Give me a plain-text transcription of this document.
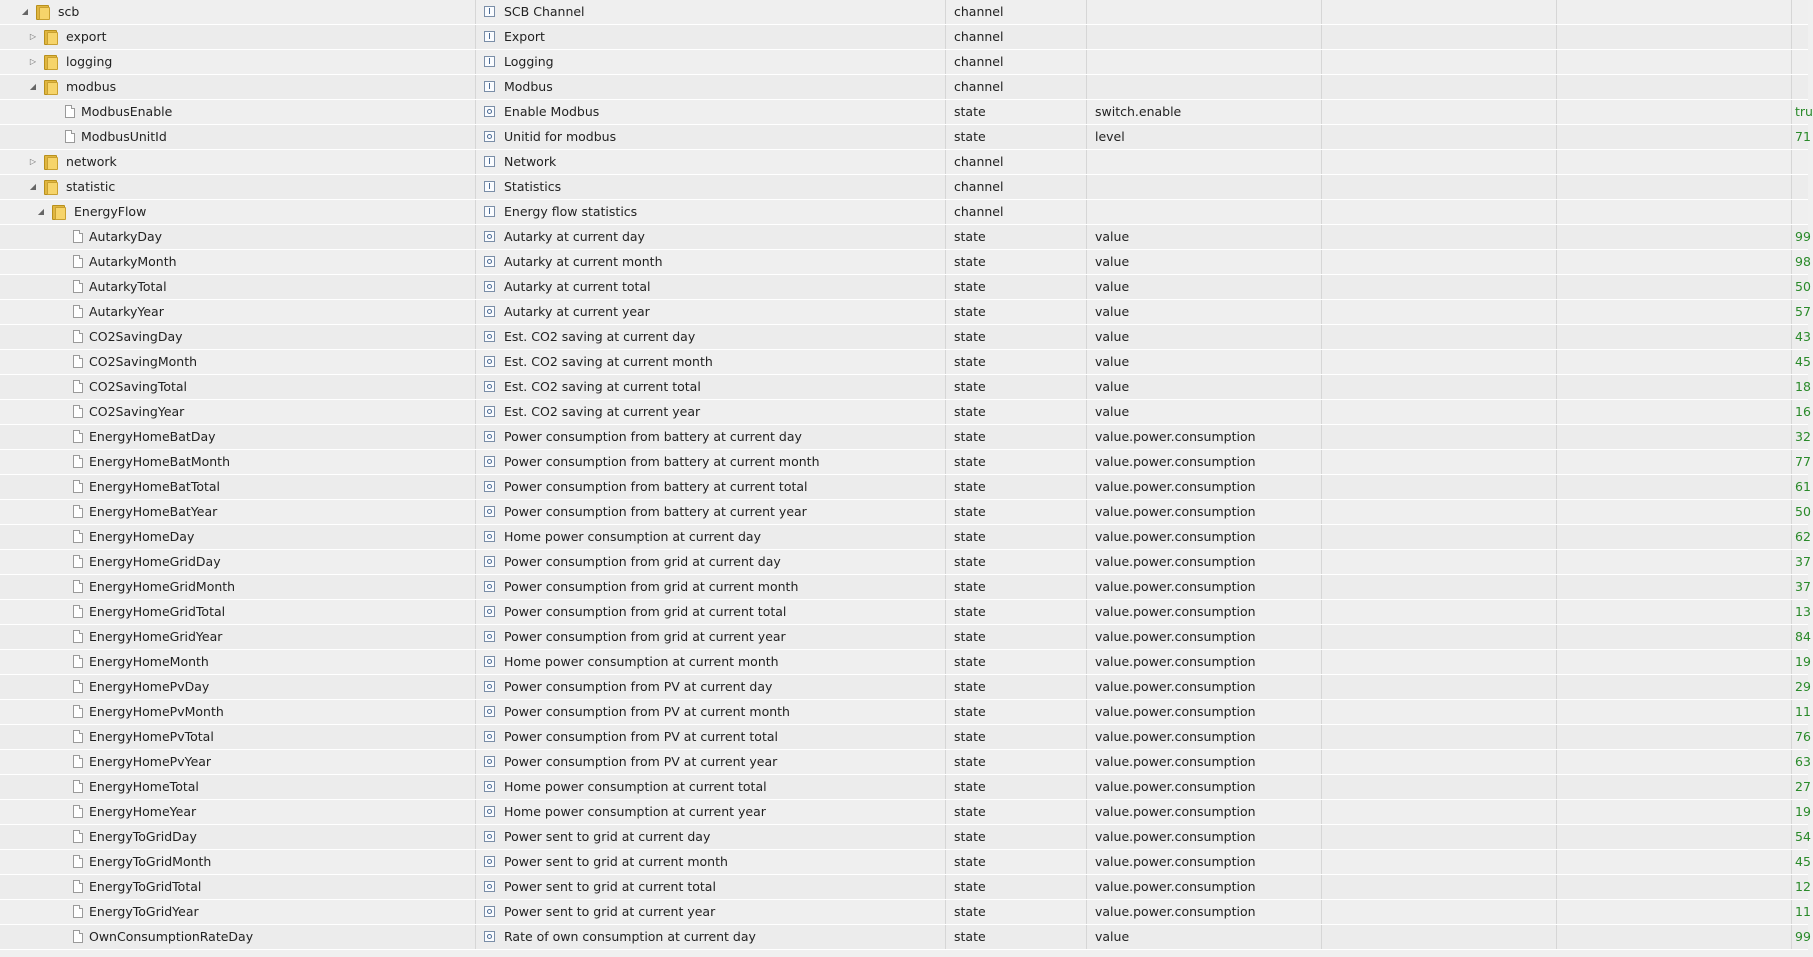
◢ scb	SCB Channel	channel
▷ export	Export	channel
▷ logging	Logging	channel
◢ modbus	Modbus	channel
ModbusEnable	Enable Modbus	state	switch.enable	tru
ModbusUnitId	Unitid for modbus	state	level	71
▷ network	Network	channel
◢ statistic	Statistics	channel
◢ EnergyFlow	Energy flow statistics	channel
AutarkyDay	Autarky at current day	state	value	99
AutarkyMonth	Autarky at current month	state	value	98
AutarkyTotal	Autarky at current total	state	value	50
AutarkyYear	Autarky at current year	state	value	57
CO2SavingDay	Est. CO2 saving at current day	state	value	43
CO2SavingMonth	Est. CO2 saving at current month	state	value	45
CO2SavingTotal	Est. CO2 saving at current total	state	value	18
CO2SavingYear	Est. CO2 saving at current year	state	value	16
EnergyHomeBatDay	Power consumption from battery at current day	state	value.power.consumption	32
EnergyHomeBatMonth	Power consumption from battery at current month	state	value.power.consumption	77
EnergyHomeBatTotal	Power consumption from battery at current total	state	value.power.consumption	61
EnergyHomeBatYear	Power consumption from battery at current year	state	value.power.consumption	50
EnergyHomeDay	Home power consumption at current day	state	value.power.consumption	62
EnergyHomeGridDay	Power consumption from grid at current day	state	value.power.consumption	37
EnergyHomeGridMonth	Power consumption from grid at current month	state	value.power.consumption	37
EnergyHomeGridTotal	Power consumption from grid at current total	state	value.power.consumption	13
EnergyHomeGridYear	Power consumption from grid at current year	state	value.power.consumption	84
EnergyHomeMonth	Home power consumption at current month	state	value.power.consumption	19
EnergyHomePvDay	Power consumption from PV at current day	state	value.power.consumption	29
EnergyHomePvMonth	Power consumption from PV at current month	state	value.power.consumption	11
EnergyHomePvTotal	Power consumption from PV at current total	state	value.power.consumption	76
EnergyHomePvYear	Power consumption from PV at current year	state	value.power.consumption	63
EnergyHomeTotal	Home power consumption at current total	state	value.power.consumption	27
EnergyHomeYear	Home power consumption at current year	state	value.power.consumption	19
EnergyToGridDay	Power sent to grid at current day	state	value.power.consumption	54
EnergyToGridMonth	Power sent to grid at current month	state	value.power.consumption	45
EnergyToGridTotal	Power sent to grid at current total	state	value.power.consumption	12
EnergyToGridYear	Power sent to grid at current year	state	value.power.consumption	11
OwnConsumptionRateDay	Rate of own consumption at current day	state	value	99
